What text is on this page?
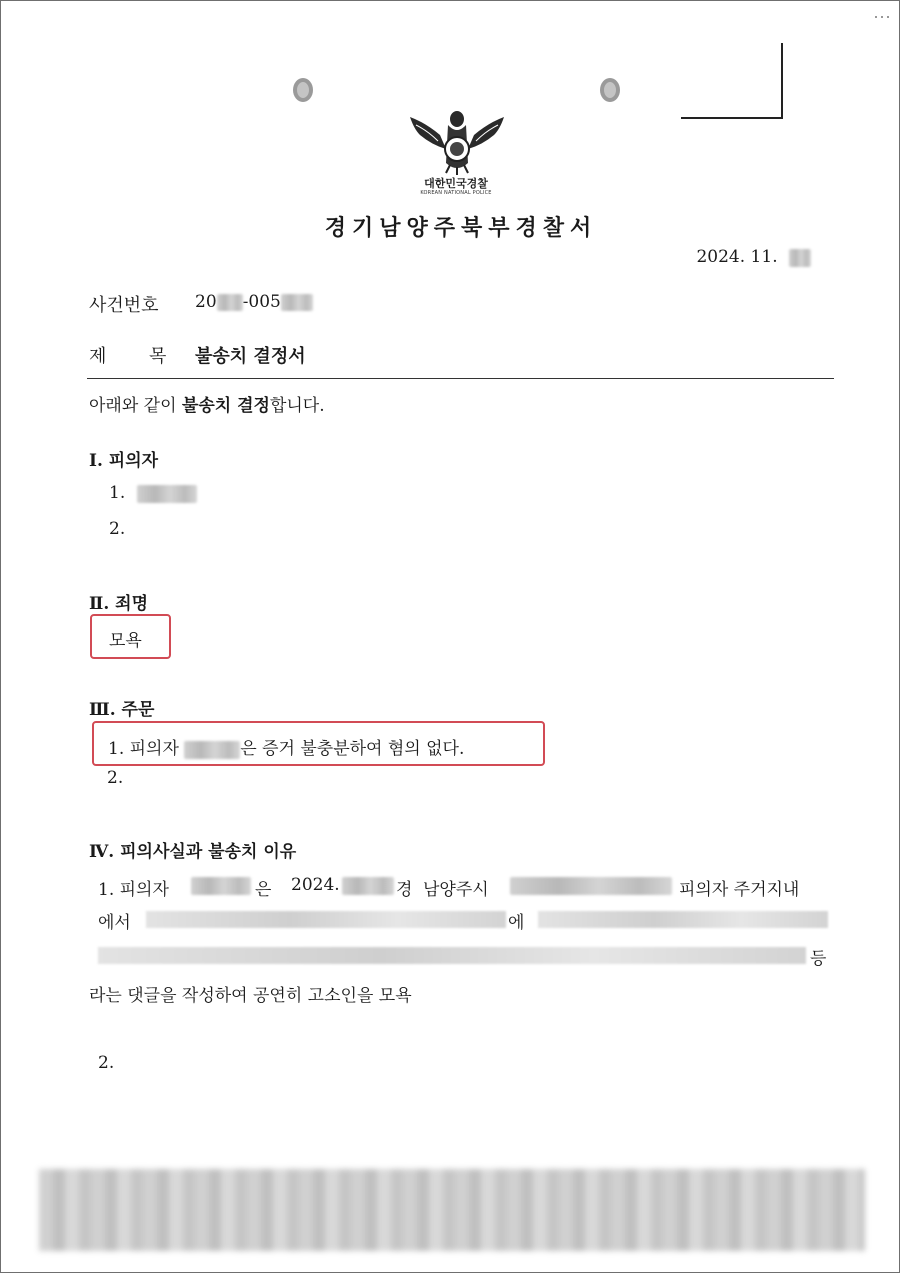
대한민국경찰
KOREAN NATIONAL POLICE
경기남양주북부경찰서
2024. 11.
사건번호 20 -005
제 목 불송치 결정서
아래와 같이 불송치 결정합니다.
Ⅰ. 피의자
1.
2.
Ⅱ. 죄명
모욕
Ⅲ. 주문
1. 피의자	은 증거 불충분하여 혐의 없다.
2.
Ⅳ. 피의사실과 불송치 이유
1. 피의자	은 2024.	경 남양주시	피의자 주거지내
에서	에
등
라는 댓글을 작성하여 공연히 고소인을 모욕
2.
